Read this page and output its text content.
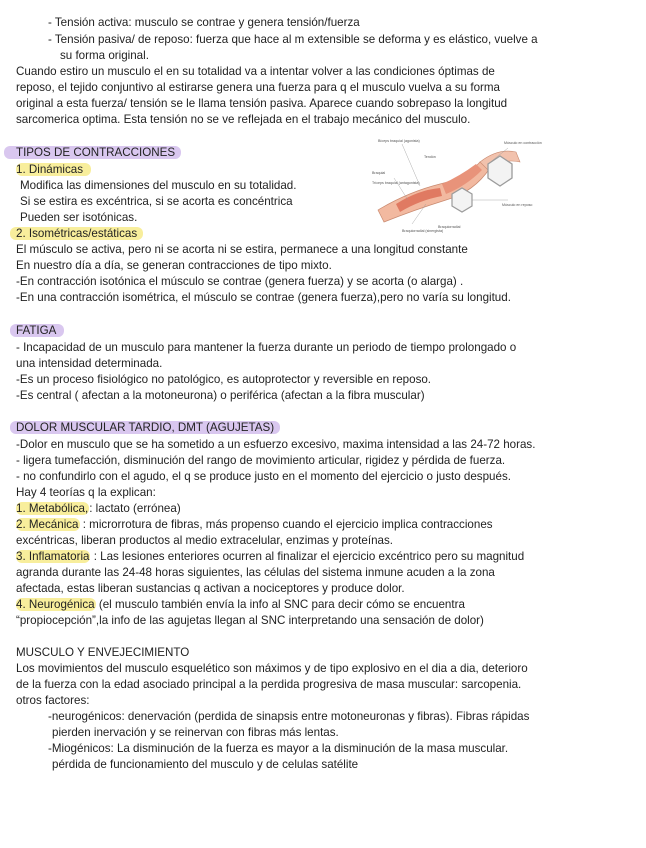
- Tensión activa: musculo se contrae y genera tensión/fuerza
- Tensión pasiva/ de reposo: fuerza que hace al m extensible se deforma y es elástico, vuelve a
su forma original.
Cuando estiro un musculo el en su totalidad va a intentar volver a las condiciones óptimas de
reposo, el tejido conjuntivo al estirarse genera una fuerza para q el musculo vuelva a su forma
original a esta fuerza/ tensión se le llama tensión pasiva. Aparece cuando sobrepaso la longitud
sarcomerica optima. Esta tensión no se ve reflejada en el trabajo mecánico del musculo.
TIPOS DE CONTRACCIONES
1. Dinámicas
Modifica las dimensiones del musculo en su totalidad.
Si se estira es excéntrica, si se acorta es concéntrica
Pueden ser isotónicas.
2. Isométricas/estáticas
El músculo se activa, pero ni se acorta ni se estira, permanece a una longitud constante
En nuestro día a día, se generan contracciones de tipo mixto.
-En contracción isotónica el músculo se contrae (genera fuerza) y se acorta (o alarga) .
-En una contracción isométrica, el músculo se contrae (genera fuerza),pero no varía su longitud.
Bíceps braquial (agonista)
Tríceps braquial (antagonista)
Braquial
Braquiorradial
Braquiorradial (sinergista)
Tendón
Músculo en contracción
Músculo en reposo
FATIGA
- Incapacidad de un musculo para mantener la fuerza durante un periodo de tiempo prolongado o
una intensidad determinada.
-Es un proceso fisiológico no patológico, es autoprotector y reversible en reposo.
-Es central ( afectan a la motoneurona) o periférica (afectan a la fibra muscular)
DOLOR MUSCULAR TARDIO, DMT (AGUJETAS)
-Dolor en musculo que se ha sometido a un esfuerzo excesivo, maxima intensidad a las 24-72 horas.
- ligera tumefacción, disminución del rango de movimiento articular, rigidez y pérdida de fuerza.
- no confundirlo con el agudo, el q se produce justo en el momento del ejercicio o justo después.
Hay 4 teorías q la explican:
1. Metabólica,: lactato (errónea)
2. Mecánica : microrrotura de fibras, más propenso cuando el ejercicio implica contracciones
excéntricas, liberan productos al medio extracelular, enzimas y proteínas.
3. Inflamatoria : Las lesiones enteriores ocurren al finalizar el ejercicio excéntrico pero su magnitud
agranda durante las 24-48 horas siguientes, las células del sistema inmune acuden a la zona
afectada, estas liberan sustancias q activan a nociceptores y produce dolor.
4. Neurogénica (el musculo también envía la info al SNC para decir cómo se encuentra
“propiocepción”,la info de las agujetas llegan al SNC interpretando una sensación de dolor)
MUSCULO Y ENVEJECIMIENTO
Los movimientos del musculo esquelético son máximos y de tipo explosivo en el dia a dia, deterioro
de la fuerza con la edad asociado principal a la perdida progresiva de masa muscular: sarcopenia.
otros factores:
-neurogénicos: denervación (perdida de sinapsis entre motoneuronas y fibras). Fibras rápidas
pierden inervación y se reinervan con fibras más lentas.
-Miogénicos: La disminución de la fuerza es mayor a la disminución de la masa muscular.
pérdida de funcionamiento del musculo y de celulas satélite
